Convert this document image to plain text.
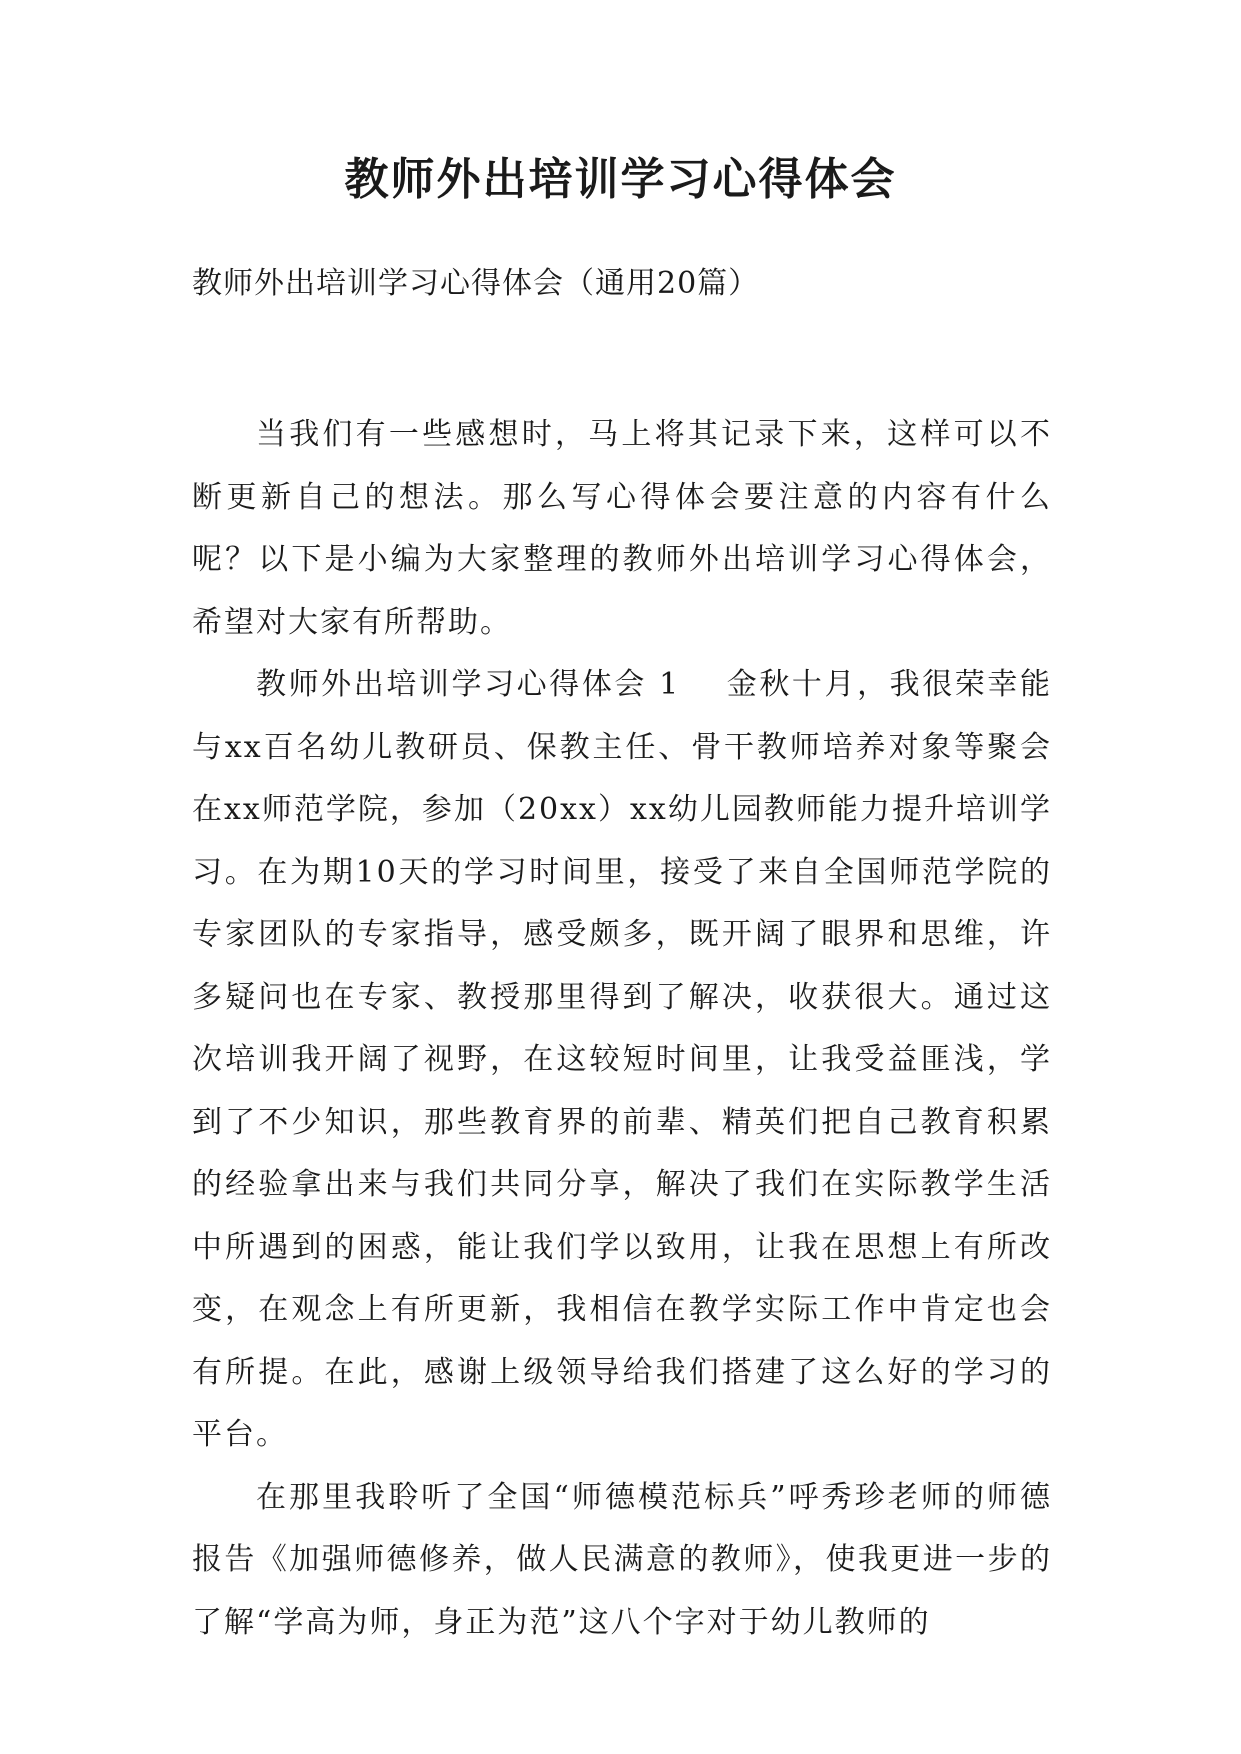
教师外出培训学习心得体会

教师外出培训学习心得体会（通用20篇）

当我们有一些感想时，马上将其记录下来，这样可以不断更新自己的想法。那么写心得体会要注意的内容有什么呢？以下是小编为大家整理的教师外出培训学习心得体会，希望对大家有所帮助。

教师外出培训学习心得体会 1 金秋十月，我很荣幸能与xx百名幼儿教研员、保教主任、骨干教师培养对象等聚会在xx师范学院，参加（20xx）xx幼儿园教师能力提升培训学习。在为期10天的学习时间里，接受了来自全国师范学院的专家团队的专家指导，感受颇多，既开阔了眼界和思维，许多疑问也在专家、教授那里得到了解决，收获很大。通过这次培训我开阔了视野，在这较短时间里，让我受益匪浅，学到了不少知识，那些教育界的前辈、精英们把自己教育积累的经验拿出来与我们共同分享，解决了我们在实际教学生活中所遇到的困惑，能让我们学以致用，让我在思想上有所改变，在观念上有所更新，我相信在教学实际工作中肯定也会有所提。在此，感谢上级领导给我们搭建了这么好的学习的平台。

在那里我聆听了全国“师德模范标兵”呼秀珍老师的师德报告《加强师德修养，做人民满意的教师》，使我更进一步的了解“学高为师，身正为范”这八个字对于幼儿教师的
